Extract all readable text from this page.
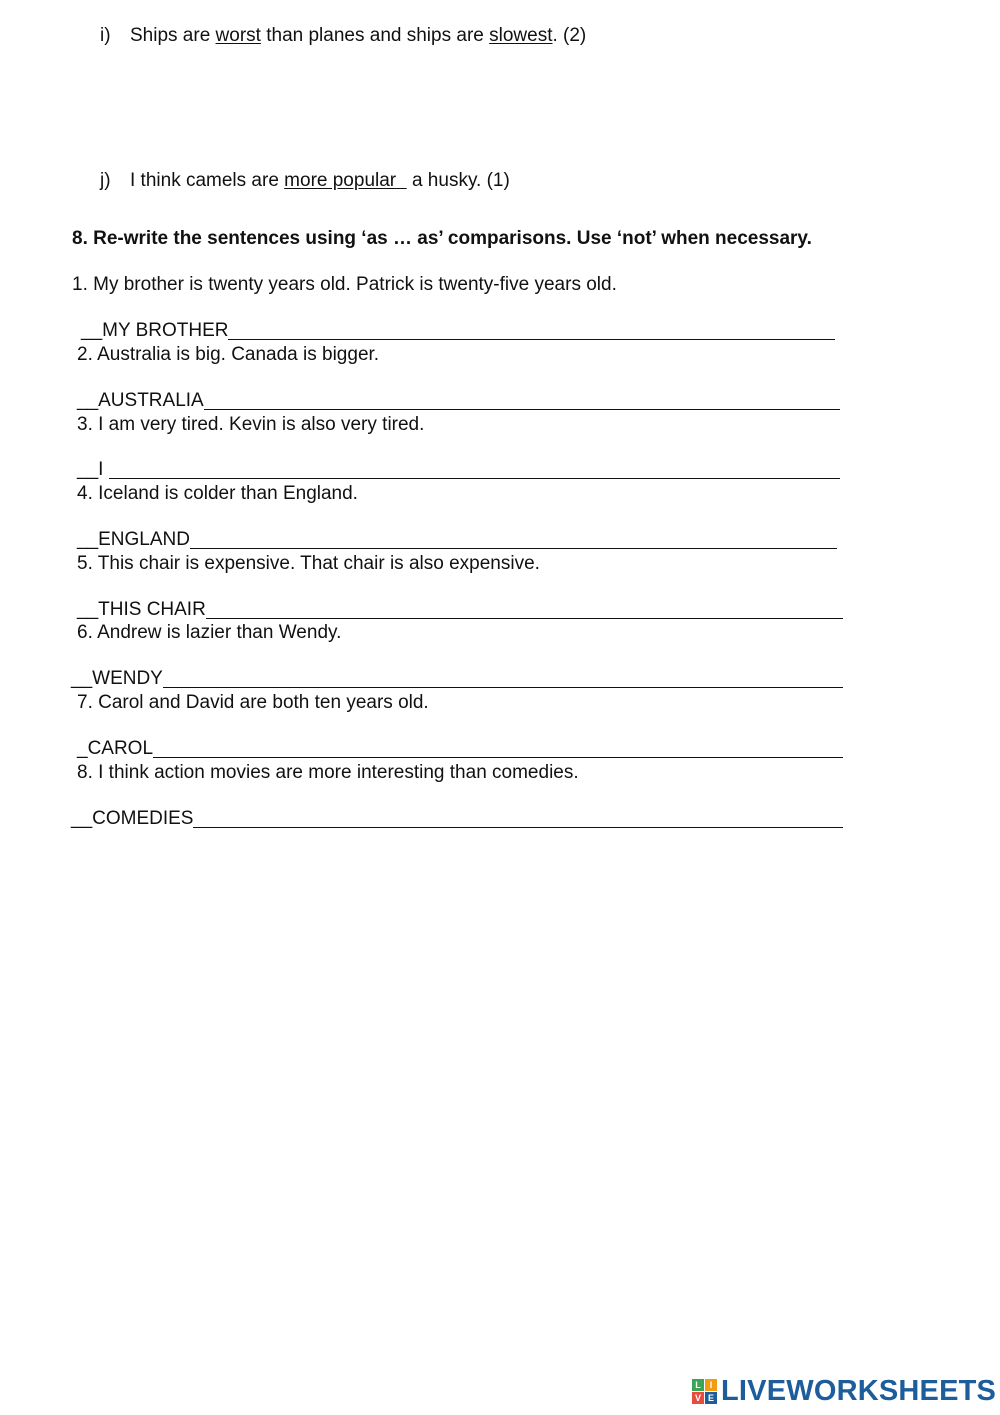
i) Ships are worst than planes and ships are slowest. (2)
j) I think camels are more popular   a husky. (1)
8. Re-write the sentences using ‘as … as’ comparisons. Use ‘not’ when necessary.
1. My brother is twenty years old. Patrick is twenty-five years old.
__MY BROTHER
2. Australia is big. Canada is bigger.
__AUSTRALIA
3. I am very tired. Kevin is also very tired.
__I
4. Iceland is colder than England.
__ENGLAND
5. This chair is expensive. That chair is also expensive.
__THIS CHAIR
6. Andrew is lazier than Wendy.
__WENDY
7. Carol and David are both ten years old.
_CAROL
8. I think action movies are more interesting than comedies.
__COMEDIES
L I
V E LIVEWORKSHEETS
